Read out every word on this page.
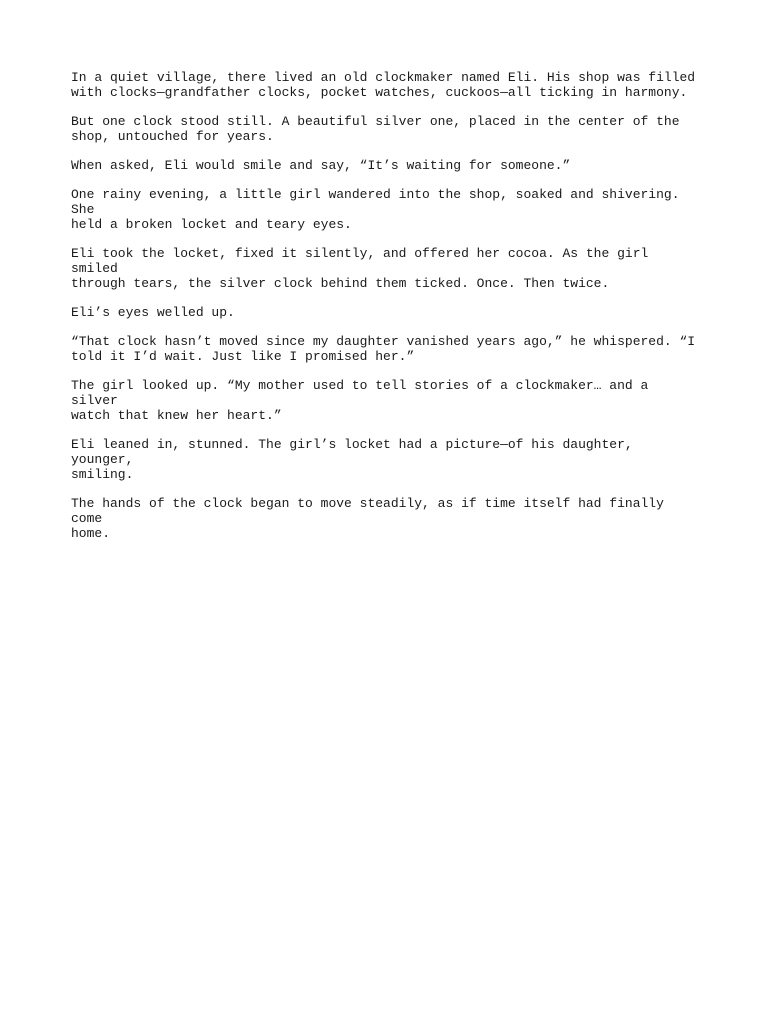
In a quiet village, there lived an old clockmaker named Eli. His shop was filled
with clocks—grandfather clocks, pocket watches, cuckoos—all ticking in harmony.

But one clock stood still. A beautiful silver one, placed in the center of the
shop, untouched for years.

When asked, Eli would smile and say, “It’s waiting for someone.”

One rainy evening, a little girl wandered into the shop, soaked and shivering. She
held a broken locket and teary eyes.

Eli took the locket, fixed it silently, and offered her cocoa. As the girl smiled
through tears, the silver clock behind them ticked. Once. Then twice.

Eli’s eyes welled up.

“That clock hasn’t moved since my daughter vanished years ago,” he whispered. “I
told it I’d wait. Just like I promised her.”

The girl looked up. “My mother used to tell stories of a clockmaker… and a silver
watch that knew her heart.”

Eli leaned in, stunned. The girl’s locket had a picture—of his daughter, younger,
smiling.

The hands of the clock began to move steadily, as if time itself had finally come
home.
